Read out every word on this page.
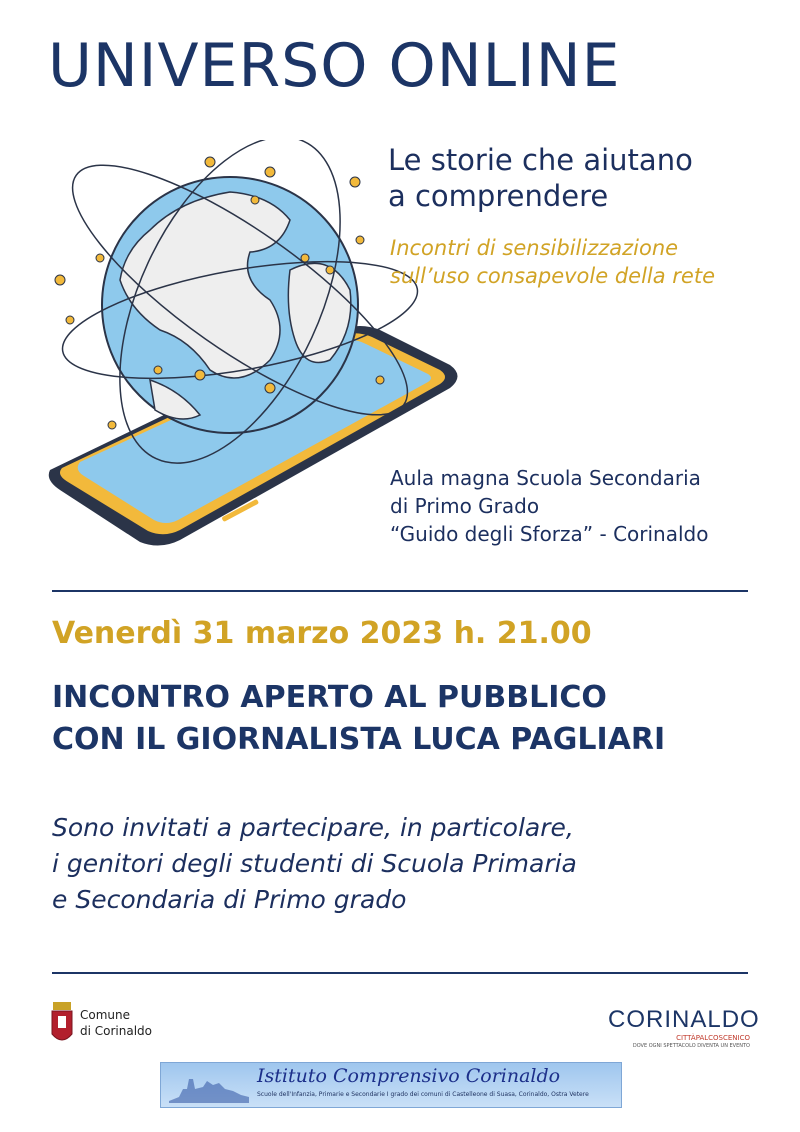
UNIVERSO ONLINE
Le storie che aiutano
a comprendere
Incontri di sensibilizzazione
sull’uso consapevole della rete
Aula magna Scuola Secondaria
di Primo Grado
“Guido degli Sforza” - Corinaldo
Venerdì 31 marzo 2023 h. 21.00
INCONTRO APERTO AL PUBBLICO
CON IL GIORNALISTA LUCA PAGLIARI
Sono invitati a partecipare, in particolare,
i genitori degli studenti di Scuola Primaria
e Secondaria di Primo grado
Comune
di Corinaldo	CORINALDO
CITTÀPALCOSCENICO
DOVE OGNI SPETTACOLO DIVENTA UN EVENTO
Istituto Comprensivo Corinaldo
Scuole dell'Infanzia, Primarie e Secondarie I grado dei comuni di Castelleone di Suasa, Corinaldo, Ostra Vetere
